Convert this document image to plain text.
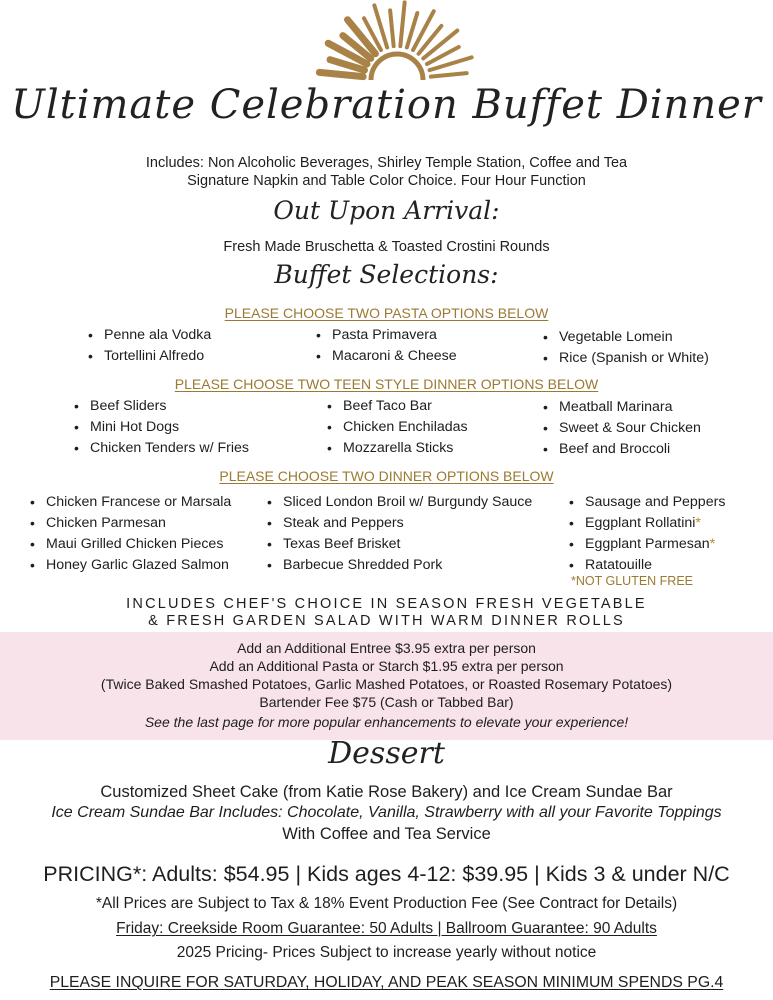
Ultimate Celebration Buffet Dinner
Includes: Non Alcoholic Beverages, Shirley Temple Station, Coffee and Tea
Signature Napkin and Table Color Choice. Four Hour Function
Out Upon Arrival:
Fresh Made Bruschetta & Toasted Crostini Rounds
Buffet Selections:
PLEASE CHOOSE TWO PASTA OPTIONS BELOW
• Penne ala Vodka
• Tortellini Alfredo
• Pasta Primavera
• Macaroni & Cheese
• Vegetable Lomein
• Rice (Spanish or White)
PLEASE CHOOSE TWO TEEN STYLE DINNER OPTIONS BELOW
• Beef Sliders
• Mini Hot Dogs
• Chicken Tenders w/ Fries
• Beef Taco Bar
• Chicken Enchiladas
• Mozzarella Sticks
• Meatball Marinara
• Sweet & Sour Chicken
• Beef and Broccoli
PLEASE CHOOSE TWO DINNER OPTIONS BELOW
• Chicken Francese or Marsala
• Chicken Parmesan
• Maui Grilled Chicken Pieces
• Honey Garlic Glazed Salmon
• Sliced London Broil w/ Burgundy Sauce
• Steak and Peppers
• Texas Beef Brisket
• Barbecue Shredded Pork
• Sausage and Peppers
• Eggplant Rollatini*
• Eggplant Parmesan*
• Ratatouille
*NOT GLUTEN FREE
INCLUDES CHEF'S CHOICE IN SEASON FRESH VEGETABLE
& FRESH GARDEN SALAD WITH WARM DINNER ROLLS
Add an Additional Entree $3.95 extra per person
Add an Additional Pasta or Starch $1.95 extra per person
(Twice Baked Smashed Potatoes, Garlic Mashed Potatoes, or Roasted Rosemary Potatoes)
Bartender Fee $75 (Cash or Tabbed Bar)
See the last page for more popular enhancements to elevate your experience!
Dessert
Customized Sheet Cake (from Katie Rose Bakery) and Ice Cream Sundae Bar
Ice Cream Sundae Bar Includes: Chocolate, Vanilla, Strawberry with all your Favorite Toppings
With Coffee and Tea Service
PRICING*: Adults: $54.95 | Kids ages 4-12: $39.95 | Kids 3 & under N/C
*All Prices are Subject to Tax & 18% Event Production Fee (See Contract for Details)
Friday: Creekside Room Guarantee: 50 Adults | Ballroom Guarantee: 90 Adults
2025 Pricing- Prices Subject to increase yearly without notice
PLEASE INQUIRE FOR SATURDAY, HOLIDAY, AND PEAK SEASON MINIMUM SPENDS PG.4
